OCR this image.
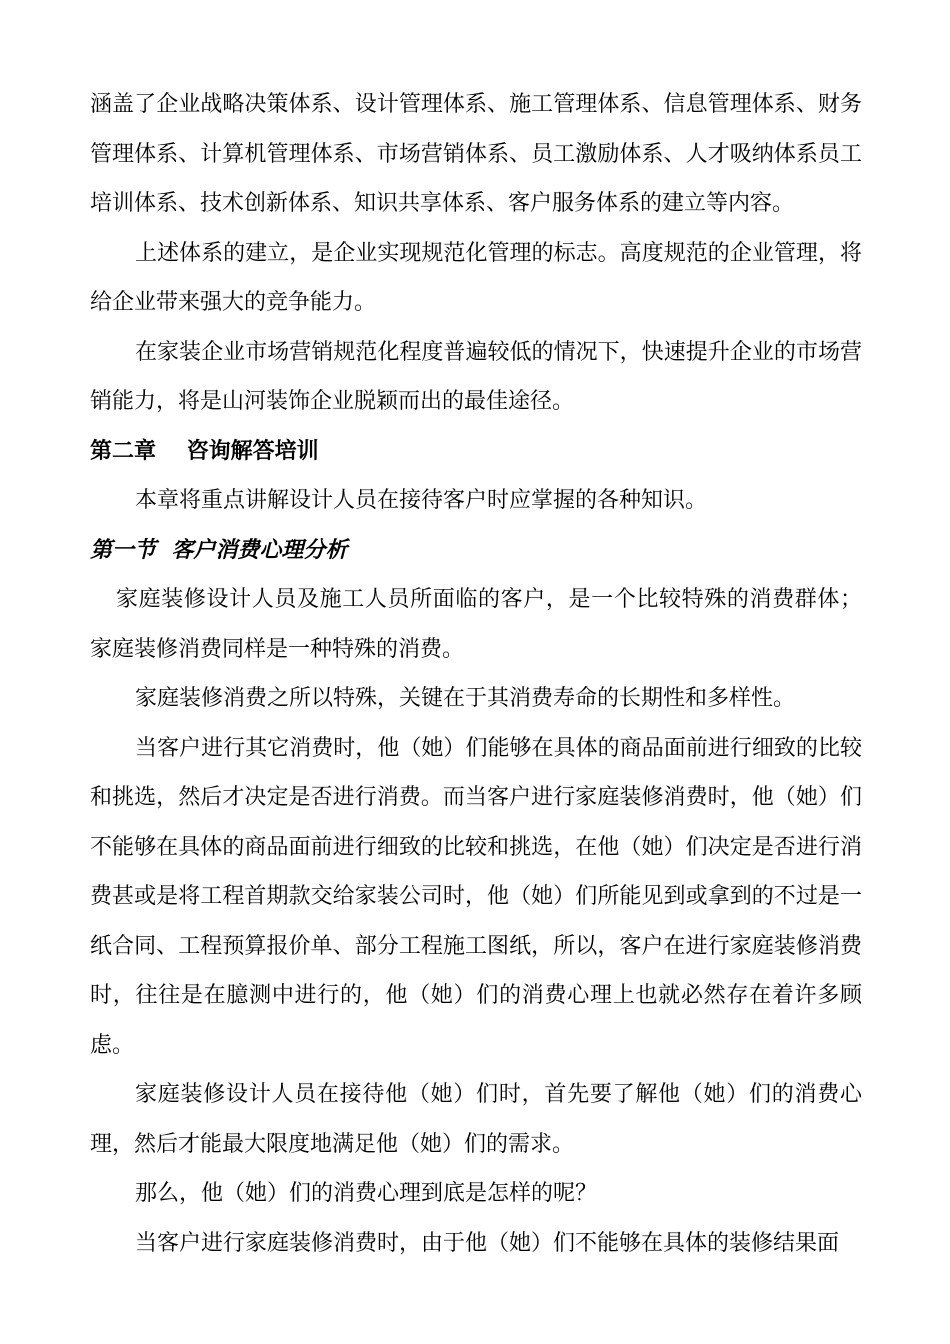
涵盖了企业战略决策体系、设计管理体系、施工管理体系、信息管理体系、财务管理体系、计算机管理体系、市场营销体系、员工激励体系、人才吸纳体系员工培训体系、技术创新体系、知识共享体系、客户服务体系的建立等内容。

上述体系的建立，是企业实现规范化管理的标志。高度规范的企业管理，将给企业带来强大的竞争能力。

在家装企业市场营销规范化程度普遍较低的情况下，快速提升企业的市场营销能力，将是山河装饰企业脱颖而出的最佳途径。

第二章    咨询解答培训

本章将重点讲解设计人员在接待客户时应掌握的各种知识。

第一节  客户消费心理分析

家庭装修设计人员及施工人员所面临的客户，是一个比较特殊的消费群体；家庭装修消费同样是一种特殊的消费。

家庭装修消费之所以特殊，关键在于其消费寿命的长期性和多样性。

当客户进行其它消费时，他（她）们能够在具体的商品面前进行细致的比较和挑选，然后才决定是否进行消费。而当客户进行家庭装修消费时，他（她）们不能够在具体的商品面前进行细致的比较和挑选，在他（她）们决定是否进行消费甚或是将工程首期款交给家装公司时，他（她）们所能见到或拿到的不过是一纸合同、工程预算报价单、部分工程施工图纸，所以，客户在进行家庭装修消费时，往往是在臆测中进行的，他（她）们的消费心理上也就必然存在着许多顾虑。

家庭装修设计人员在接待他（她）们时，首先要了解他（她）们的消费心理，然后才能最大限度地满足他（她）们的需求。

那么，他（她）们的消费心理到底是怎样的呢？

当客户进行家庭装修消费时，由于他（她）们不能够在具体的装修结果面
